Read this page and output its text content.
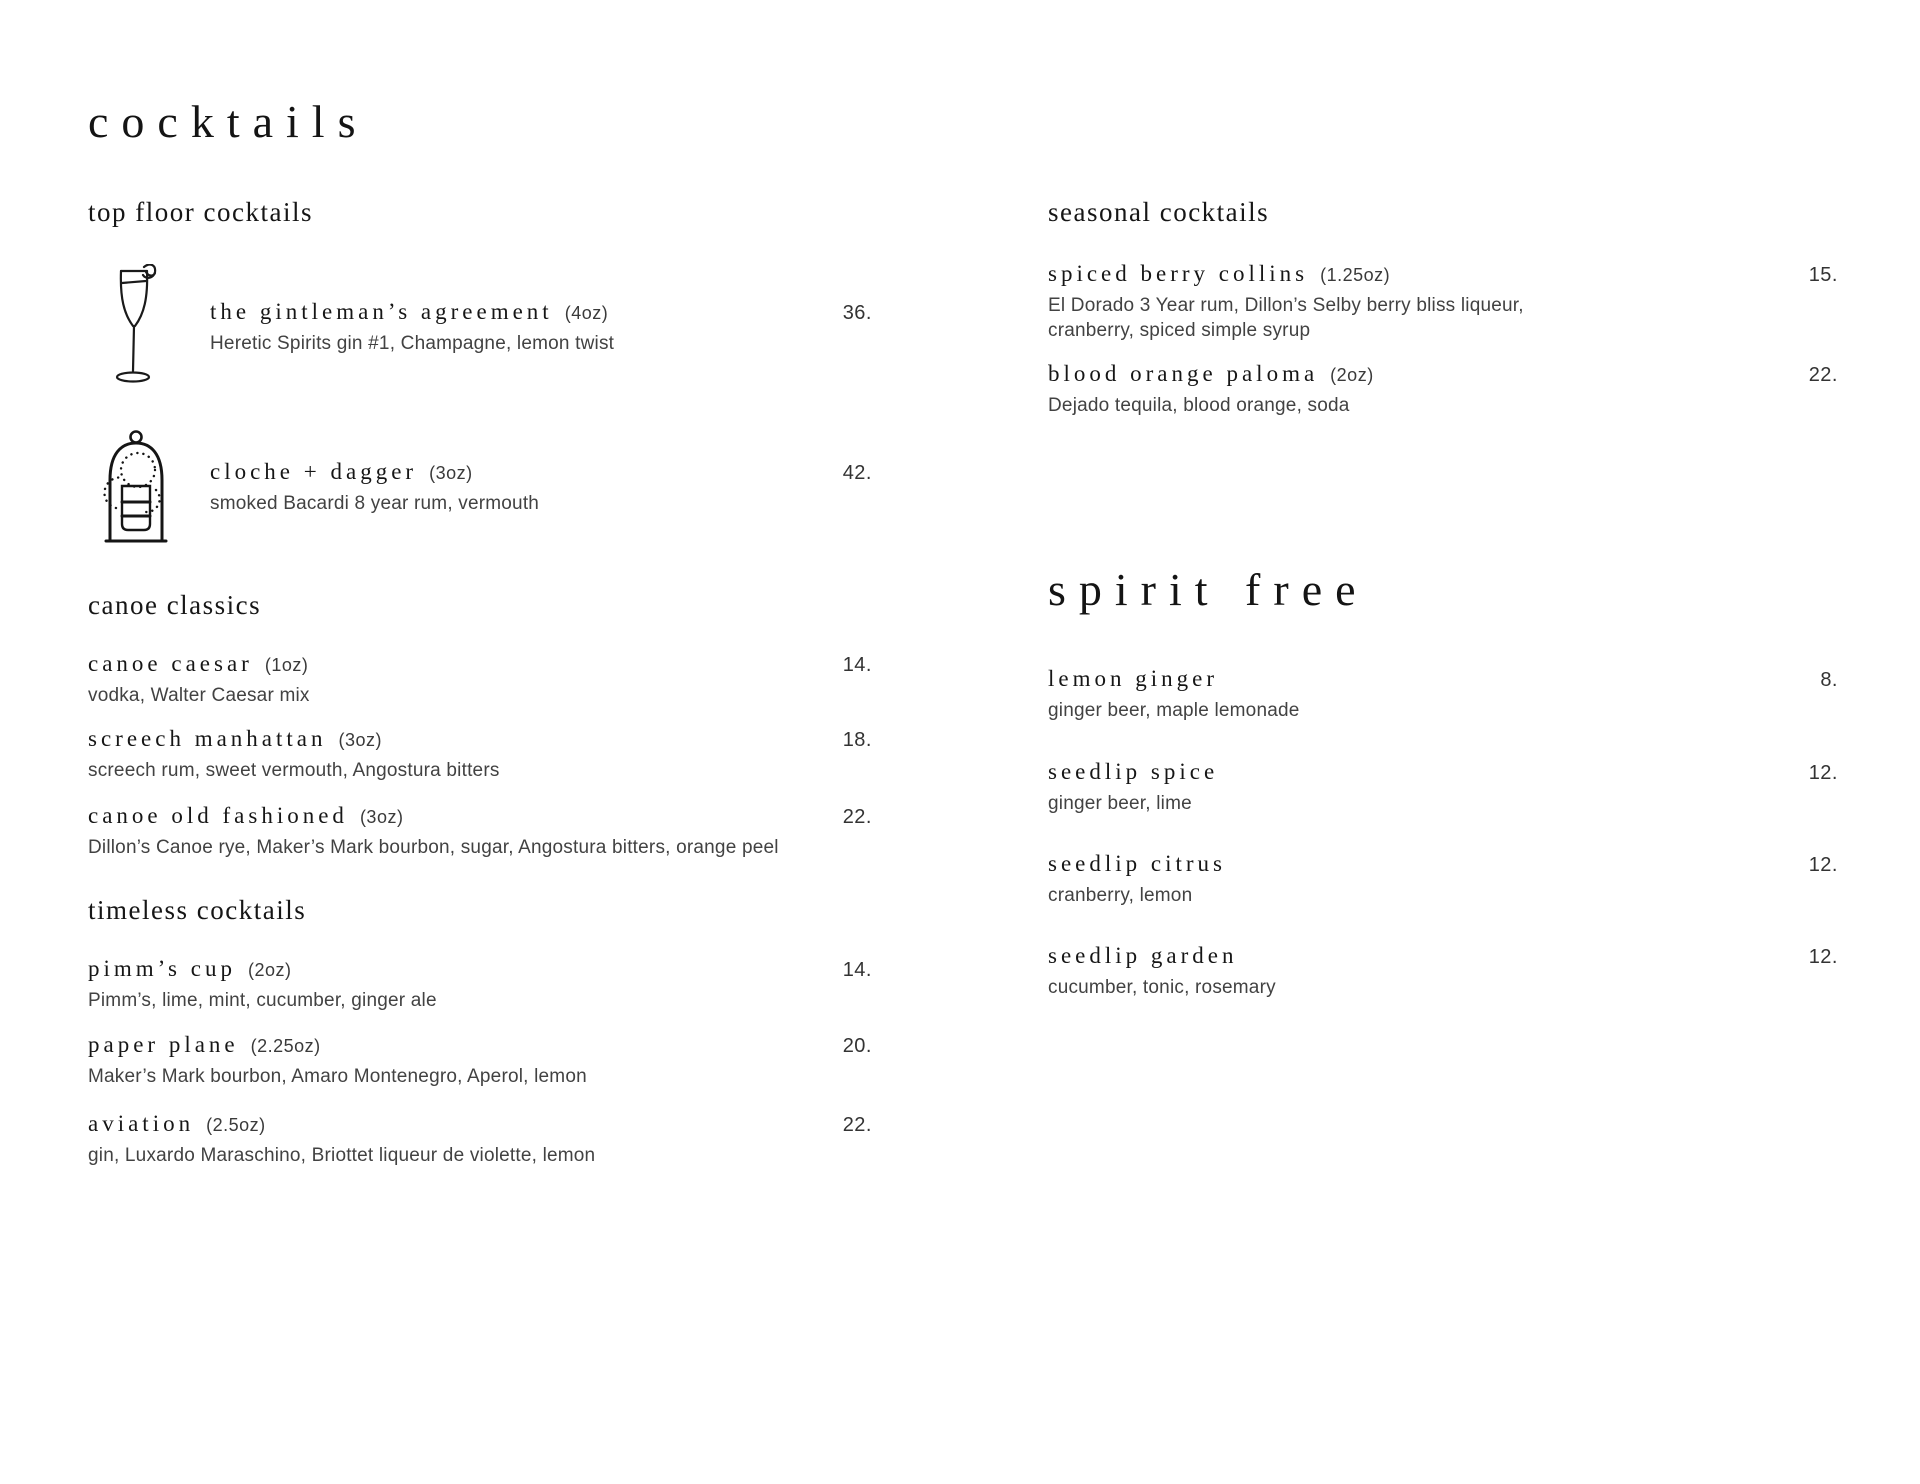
cocktails
top floor cocktails
the gintleman’s agreement (4oz)	36.
Heretic Spirits gin #1, Champagne, lemon twist
cloche + dagger (3oz)	42.
smoked Bacardi 8 year rum, vermouth
canoe classics
canoe caesar (1oz)	14.
vodka, Walter Caesar mix
screech manhattan (3oz)	18.
screech rum, sweet vermouth, Angostura bitters
canoe old fashioned (3oz)	22.
Dillon’s Canoe rye, Maker’s Mark bourbon, sugar, Angostura bitters, orange peel
timeless cocktails
pimm’s cup (2oz)	14.
Pimm’s, lime, mint, cucumber, ginger ale
paper plane (2.25oz)	20.
Maker’s Mark bourbon, Amaro Montenegro, Aperol, lemon
aviation (2.5oz)	22.
gin, Luxardo Maraschino, Briottet liqueur de violette, lemon
seasonal cocktails
spiced berry collins (1.25oz)	15.
El Dorado 3 Year rum, Dillon’s Selby berry bliss liqueur,
cranberry, spiced simple syrup
blood orange paloma (2oz)	22.
Dejado tequila, blood orange, soda
spirit free
lemon ginger	8.
ginger beer, maple lemonade
seedlip spice	12.
ginger beer, lime
seedlip citrus	12.
cranberry, lemon
seedlip garden	12.
cucumber, tonic, rosemary
